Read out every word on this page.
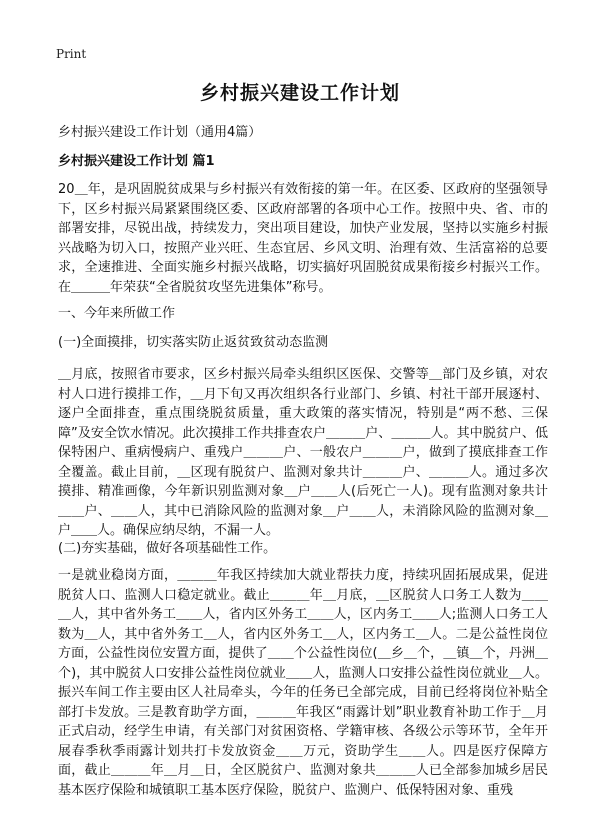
Print
乡村振兴建设工作计划
乡村振兴建设工作计划（通用4篇）
乡村振兴建设工作计划 篇1

20＿年，是巩固脱贫成果与乡村振兴有效衔接的第一年。在区委、区政府的坚强领导下，区乡村振兴局紧紧围绕区委、区政府部署的各项中心工作。按照中央、省、市的部署安排，尽锐出战，持续发力，突出项目建设，加快产业发展，坚持以实施乡村振兴战略为切入口，按照产业兴旺、生态宜居、乡风文明、治理有效、生活富裕的总要求，全速推进、全面实施乡村振兴战略，切实搞好巩固脱贫成果衔接乡村振兴工作。在＿＿＿年荣获“全省脱贫攻坚先进集体”称号。

一、今年来所做工作

(一)全面摸排，切实落实防止返贫致贫动态监测

＿月底，按照省市要求，区乡村振兴局牵头组织区医保、交警等＿部门及乡镇，对农村人口进行摸排工作，＿月下旬又再次组织各行业部门、乡镇、村社干部开展逐村、逐户全面排查，重点围绕脱贫质量，重大政策的落实情况，特别是“两不愁、三保障”及安全饮水情况。此次摸排工作共排查农户＿＿＿户、＿＿＿人。其中脱贫户、低保特困户、重病慢病户、重残户＿＿＿户、一般农户＿＿＿户，做到了摸底排查工作全覆盖。截止目前，＿区现有脱贫户、监测对象共计＿＿＿户、＿＿＿人。通过多次摸排、精准画像，今年新识别监测对象＿户＿＿人(后死亡一人)。现有监测对象共计＿＿户、＿＿人，其中已消除风险的监测对象＿户＿＿人，未消除风险的监测对象＿户＿＿人。确保应纳尽纳，不漏一人。

(二)夯实基础，做好各项基础性工作。

一是就业稳岗方面，＿＿＿年我区持续加大就业帮扶力度，持续巩固拓展成果，促进脱贫人口、监测人口稳定就业。截止＿＿＿年＿月底，＿区脱贫人口务工人数为＿＿＿人，其中省外务工＿＿人，省内区外务工＿＿人，区内务工＿＿人;监测人口务工人数为＿人，其中省外务工＿人，省内区外务工＿人，区内务工＿人。二是公益性岗位方面，公益性岗位安置方面，提供了＿＿个公益性岗位(＿乡＿个，＿镇＿个，丹洲＿个)，其中脱贫人口安排公益性岗位就业＿＿人，监测人口安排公益性岗位就业＿人。振兴车间工作主要由区人社局牵头，今年的任务已全部完成，目前已经将岗位补贴全部打卡发放。三是教育助学方面，＿＿＿年我区“雨露计划”职业教育补助工作于＿月正式启动，经学生申请，有关部门对贫困资格、学籍审核、各级公示等环节，全年开展春季秋季雨露计划共打卡发放资金＿＿万元，资助学生＿＿人。四是医疗保障方面，截止＿＿＿年＿月＿日，全区脱贫户、监测对象共＿＿＿人已全部参加城乡居民基本医疗保险和城镇职工基本医疗保险，脱贫户、监测户、低保特困对象、重残
